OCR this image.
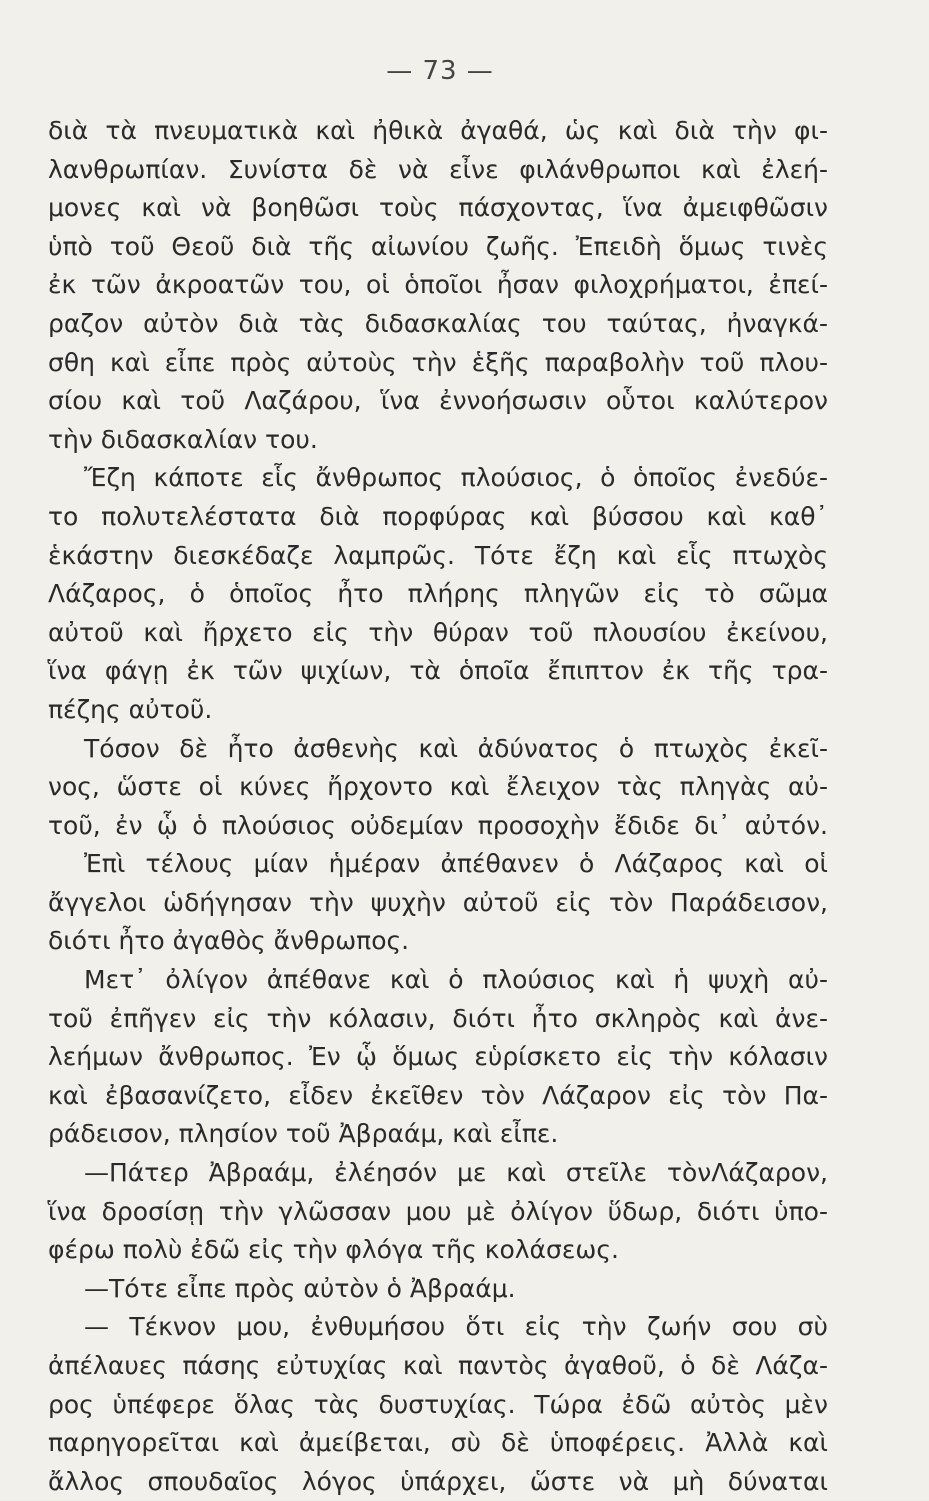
— 73 —
διὰ τὰ πνευματικὰ καὶ ἠθικὰ ἀγαθά, ὡς καὶ διὰ τὴν φι-
λανθρωπίαν. Συνίστα δὲ νὰ εἶνε φιλάνθρωποι καὶ ἐλεή-
μονες καὶ νὰ βοηθῶσι τοὺς πάσχοντας, ἵνα ἀμειφθῶσιν
ὑπὸ τοῦ Θεοῦ διὰ τῆς αἰωνίου ζωῆς. Ἐπειδὴ ὅμως τινὲς
ἐκ τῶν ἀκροατῶν του, οἱ ὁποῖοι ἦσαν φιλοχρήματοι, ἐπεί-
ραζον αὐτὸν διὰ τὰς διδασκαλίας του ταύτας, ἠναγκά-
σθη καὶ εἶπε πρὸς αὐτοὺς τὴν ἑξῆς παραβολὴν τοῦ πλου-
σίου καὶ τοῦ Λαζάρου, ἵνα ἐννοήσωσιν οὗτοι καλύτερον
τὴν διδασκαλίαν του.
Ἔζη κάποτε εἷς ἄνθρωπος πλούσιος, ὁ ὁποῖος ἐνεδύε-
το πολυτελέστατα διὰ πορφύρας καὶ βύσσου καὶ καθ᾿
ἑκάστην διεσκέδαζε λαμπρῶς. Τότε ἔζη καὶ εἷς πτωχὸς
Λάζαρος, ὁ ὁποῖος ἦτο πλήρης πληγῶν εἰς τὸ σῶμα
αὐτοῦ καὶ ἤρχετο εἰς τὴν θύραν τοῦ πλουσίου ἐκείνου,
ἵνα φάγῃ ἐκ τῶν ψιχίων, τὰ ὁποῖα ἔπιπτον ἐκ τῆς τρα-
πέζης αὐτοῦ.
Τόσον δὲ ἦτο ἀσθενὴς καὶ ἀδύνατος ὁ πτωχὸς ἐκεῖ-
νος, ὥστε οἱ κύνες ἤρχοντο καὶ ἔλειχον τὰς πληγὰς αὐ-
τοῦ, ἐν ᾧ ὁ πλούσιος οὐδεμίαν προσοχὴν ἔδιδε δι᾿ αὐτόν.
Ἐπὶ τέλους μίαν ἡμέραν ἀπέθανεν ὁ Λάζαρος καὶ οἱ
ἄγγελοι ὡδήγησαν τὴν ψυχὴν αὐτοῦ εἰς τὸν Παράδεισον,
διότι ἦτο ἀγαθὸς ἄνθρωπος.
Μετ᾿ ὀλίγον ἀπέθανε καὶ ὁ πλούσιος καὶ ἡ ψυχὴ αὐ-
τοῦ ἐπῆγεν εἰς τὴν κόλασιν, διότι ἦτο σκληρὸς καὶ ἀνε-
λεήμων ἄνθρωπος. Ἐν ᾧ ὅμως εὑρίσκετο εἰς τὴν κόλασιν
καὶ ἐβασανίζετο, εἶδεν ἐκεῖθεν τὸν Λάζαρον εἰς τὸν Πα-
ράδεισον, πλησίον τοῦ Ἀβραάμ, καὶ εἶπε.
—Πάτερ Ἀβραάμ, ἐλέησόν με καὶ στεῖλε τὸνΛάζαρον,
ἵνα δροσίσῃ τὴν γλῶσσαν μου μὲ ὀλίγον ὕδωρ, διότι ὑπο-
φέρω πολὺ ἐδῶ εἰς τὴν φλόγα τῆς κολάσεως.
—Τότε εἶπε πρὸς αὐτὸν ὁ Ἀβραάμ.
— Τέκνον μου, ἐνθυμήσου ὅτι εἰς τὴν ζωήν σου σὺ
ἀπέλαυες πάσης εὐτυχίας καὶ παντὸς ἀγαθοῦ, ὁ δὲ Λάζα-
ρος ὑπέφερε ὅλας τὰς δυστυχίας. Τώρα ἐδῶ αὐτὸς μὲν
παρηγορεῖται καὶ ἀμείβεται, σὺ δὲ ὑποφέρεις. Ἀλλὰ καὶ
ἄλλος σπουδαῖος λόγος ὑπάρχει, ὥστε νὰ μὴ δύναται
